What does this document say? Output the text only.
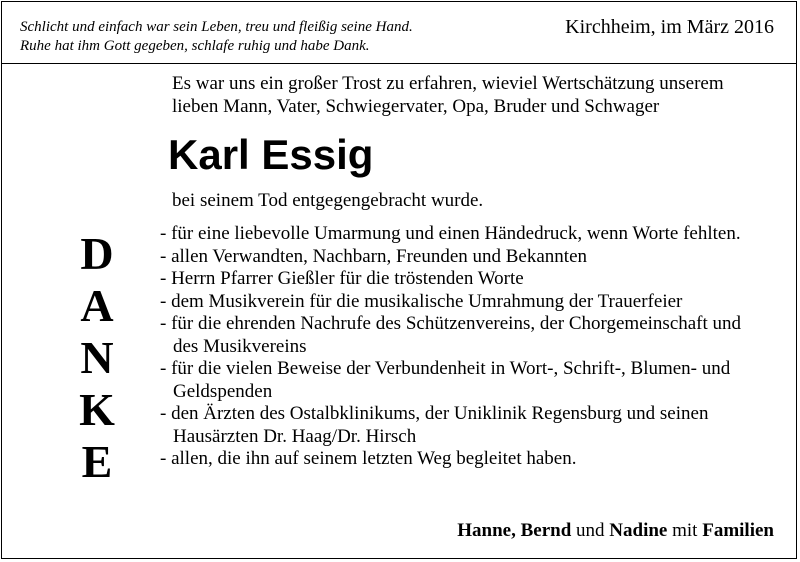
Schlicht und einfach war sein Leben, treu und fleißig seine Hand.
Ruhe hat ihm Gott gegeben, schlafe ruhig und habe Dank.
Kirchheim, im März 2016
Es war uns ein großer Trost zu erfahren, wieviel Wertschätzung unserem
lieben Mann, Vater, Schwiegervater, Opa, Bruder und Schwager
Karl Essig
bei seinem Tod entgegengebracht wurde.
D
A
N
K
E
- für eine liebevolle Umarmung und einen Händedruck, wenn Worte fehlten.
- allen Verwandten, Nachbarn, Freunden und Bekannten
- Herrn Pfarrer Gießler für die tröstenden Worte
- dem Musikverein für die musikalische Umrahmung der Trauerfeier
- für die ehrenden Nachrufe des Schützenvereins, der Chorgemeinschaft und des Musikvereins
- für die vielen Beweise der Verbundenheit in Wort-, Schrift-, Blumen- und Geldspenden
- den Ärzten des Ostalbklinikums, der Uniklinik Regensburg und seinen Hausärzten Dr. Haag/Dr. Hirsch
- allen, die ihn auf seinem letzten Weg begleitet haben.
Hanne, Bernd und Nadine mit Familien
